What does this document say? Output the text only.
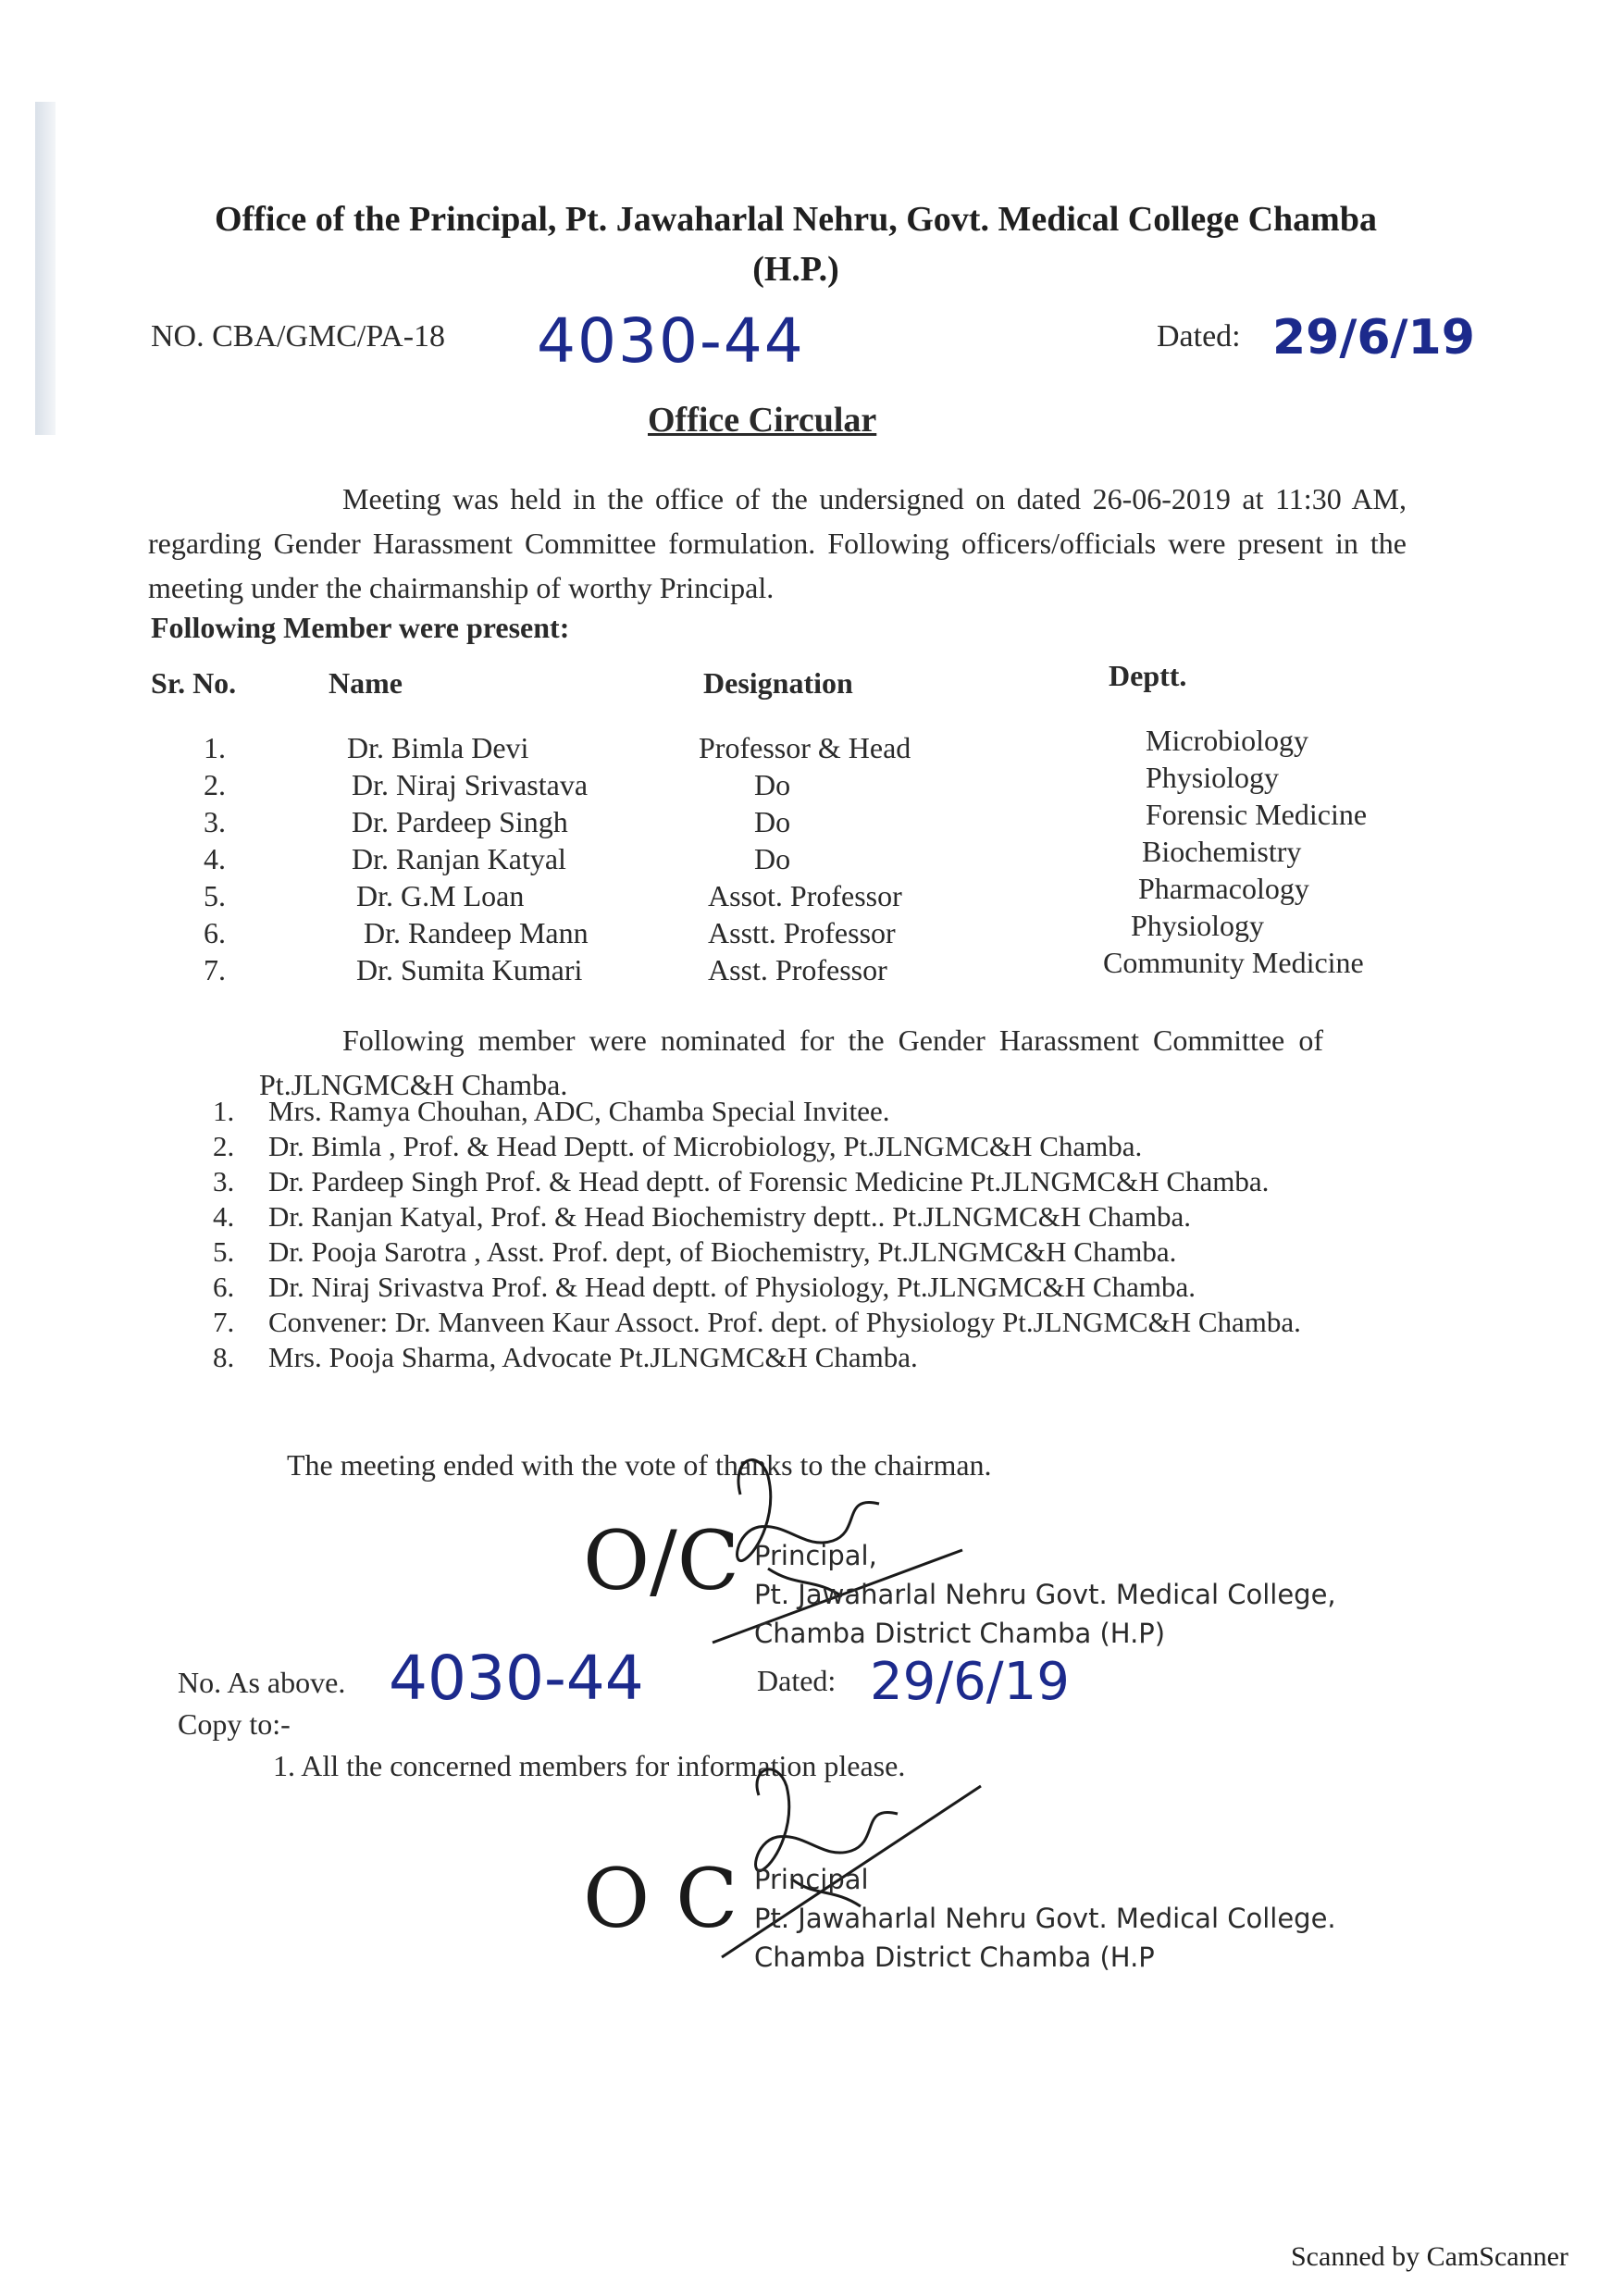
Office of the Principal, Pt. Jawaharlal Nehru, Govt. Medical College Chamba
(H.P.)
NO. CBA/GMC/PA-18 4030-44	Dated: 29/6/19
Office Circular
Meeting was held in the office of the undersigned on dated 26-06-2019 at 11:30 AM, regarding Gender Harassment Committee formulation. Following officers/officials were present in the meeting under the chairmanship of worthy Principal.
Following Member were present:
Sr. No.	Name	Designation	Deptt.
1.	Dr. Bimla Devi	Professor & Head	Microbiology
2.	Dr. Niraj Srivastava	Do	Physiology
3.	Dr. Pardeep Singh	Do	Forensic Medicine
4.	Dr. Ranjan Katyal	Do	Biochemistry
5.	Dr. G.M Loan	Assot. Professor	Pharmacology
6.	Dr. Randeep Mann	Asstt. Professor	Physiology
7.	Dr. Sumita Kumari	Asst. Professor	Community Medicine
Following member were nominated for the Gender Harassment Committee of Pt.JLNGMC&H Chamba.
1. Mrs. Ramya Chouhan, ADC, Chamba Special Invitee.
2. Dr. Bimla , Prof. & Head Deptt. of Microbiology, Pt.JLNGMC&H Chamba.
3. Dr. Pardeep Singh Prof. & Head deptt. of Forensic Medicine Pt.JLNGMC&H Chamba.
4. Dr. Ranjan Katyal, Prof. & Head Biochemistry deptt.. Pt.JLNGMC&H Chamba.
5. Dr. Pooja Sarotra , Asst. Prof. dept, of Biochemistry, Pt.JLNGMC&H Chamba.
6. Dr. Niraj Srivastva Prof. & Head deptt. of Physiology, Pt.JLNGMC&H Chamba.
7. Convener: Dr. Manveen Kaur Assoct. Prof. dept. of Physiology Pt.JLNGMC&H Chamba.
8. Mrs. Pooja Sharma, Advocate Pt.JLNGMC&H Chamba.
The meeting ended with the vote of thanks to the chairman.
O/C Principal,
Pt. Jawaharlal Nehru Govt. Medical College,
Chamba District Chamba (H.P)
No. As above. 4030-44	Dated: 29/6/19
Copy to:-
1. All the concerned members for information please.
O C Principal
Pt. Jawaharlal Nehru Govt. Medical College.
Chamba District Chamba (H.P
Scanned by CamScanner
